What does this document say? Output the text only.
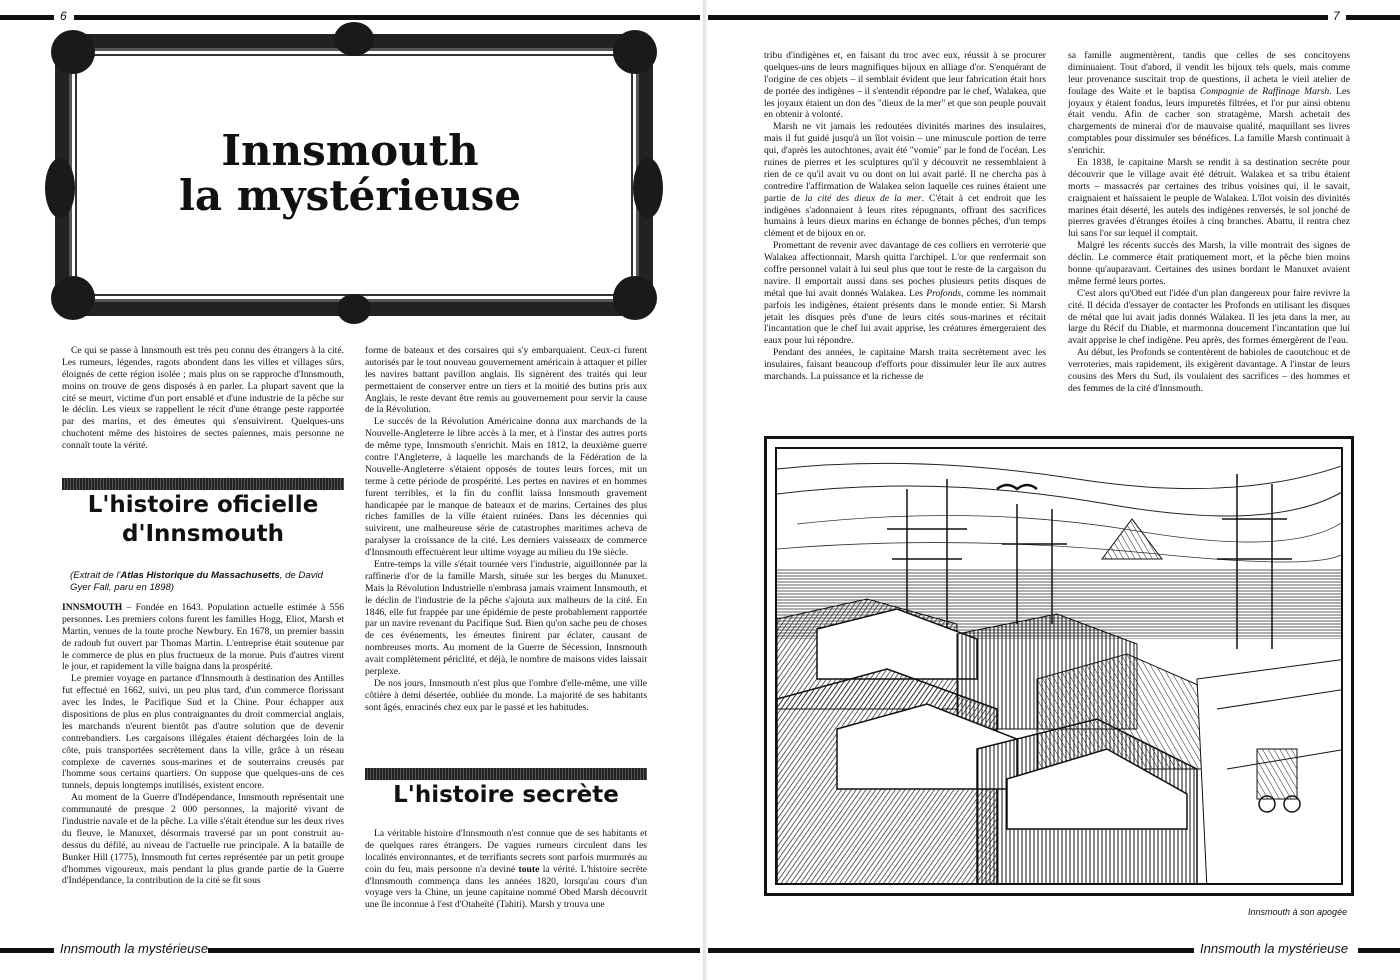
6
Innsmouth
la mystérieuse

Ce qui se passe à Innsmouth est très peu connu des étrangers à la cité. Les rumeurs, légendes, ragots abondent dans les villes et villages sûrs, éloignés de cette région isolée ; mais plus on se rapproche d'Innsmouth, moins on trouve de gens disposés à en parler. La plupart savent que la cité se meurt, victime d'un port ensablé et d'une industrie de la pêche sur le déclin. Les vieux se rappellent le récit d'une étrange peste rapportée par des marins, et des émeutes qui s'ensuivirent. Quelques-uns chuchotent même des histoires de sectes païennes, mais personne ne connaît toute la vérité.

L'histoire oficielle
d'Innsmouth
(Extrait de l'Atlas Historique du Massachusetts, de David Gyer Fall, paru en 1898)

INNSMOUTH – Fondée en 1643. Population actuelle estimée à 556 personnes. Les premiers colons furent les familles Hogg, Eliot, Marsh et Martin, venues de la toute proche Newbury. En 1678, un premier bassin de radoub fut ouvert par Thomas Martin. L'entreprise était soutenue par le commerce de plus en plus fructueux de la morue. Puis d'autres virent le jour, et rapidement la ville baigna dans la prospérité.

Le premier voyage en partance d'Innsmouth à destination des Antilles fut effectué en 1662, suivi, un peu plus tard, d'un commerce florissant avec les Indes, le Pacifique Sud et la Chine. Pour échapper aux dispositions de plus en plus contraignantes du droit commercial anglais, les marchands n'eurent bientôt pas d'autre solution que de devenir contrebandiers. Les cargaisons illégales étaient déchargées loin de la côte, puis transportées secrètement dans la ville, grâce à un réseau complexe de cavernes sous-marines et de souterrains creusés par l'homme sous certains quartiers. On suppose que quelques-uns de ces tunnels, depuis longtemps inutilisés, existent encore.

Au moment de la Guerre d'Indépendance, Innsmouth représentait une communauté de presque 2 000 personnes, la majorité vivant de l'industrie navale et de la pêche. La ville s'était étendue sur les deux rives du fleuve, le Manuxet, désormais traversé par un pont construit au-dessus du défilé, au niveau de l'actuelle rue principale. A la bataille de Bunker Hill (1775), Innsmouth fut certes représentée par un petit groupe d'hommes vigoureux, mais pendant la plus grande partie de la Guerre d'Indépendance, la contribution de la cité se fit sous

forme de bateaux et des corsaires qui s'y embarquaient. Ceux-ci furent autorisés par le tout nouveau gouvernement américain à attaquer et piller les navires battant pavillon anglais. Ils signèrent des traités qui leur permettaient de conserver entre un tiers et la moitié des butins pris aux Anglais, le reste devant être remis au gouvernement pour servir la cause de la Révolution.

Le succès de la Révolution Américaine donna aux marchands de la Nouvelle-Angleterre le libre accès à la mer, et à l'instar des autres ports de même type, Innsmouth s'enrichit. Mais en 1812, la deuxième guerre contre l'Angleterre, à laquelle les marchands de la Fédération de la Nouvelle-Angleterre s'étaient opposés de toutes leurs forces, mit un terme à cette période de prospérité. Les pertes en navires et en hommes furent terribles, et la fin du conflit laissa Innsmouth gravement handicapée par le manque de bateaux et de marins. Certaines des plus riches familles de la ville étaient ruinées. Dans les décennies qui suivirent, une malheureuse série de catastrophes maritimes acheva de paralyser la croissance de la cité. Les derniers vaisseaux de commerce d'Innsmouth effectuèrent leur ultime voyage au milieu du 19e siècle.

Entre-temps la ville s'était tournée vers l'industrie, aiguillonnée par la raffinerie d'or de la famille Marsh, située sur les berges du Manuxet. Mais la Révolution Industrielle n'embrasa jamais vraiment Innsmouth, et le déclin de l'industrie de la pêche s'ajouta aux malheurs de la cité. En 1846, elle fut frappée par une épidémie de peste probablement rapportée par un navire revenant du Pacifique Sud. Bien qu'on sache peu de choses de ces événements, les émeutes finirent par éclater, causant de nombreuses morts. Au moment de la Guerre de Sécession, Innsmouth avait complètement périclité, et déjà, le nombre de maisons vides laissait perplexe.

De nos jours, Innsmouth n'est plus que l'ombre d'elle-même, une ville côtière à demi désertée, oubliée du monde. La majorité de ses habitants sont âgés, enracinés chez eux par le passé et les habitudes.

L'histoire secrète

La véritable histoire d'Innsmouth n'est connue que de ses habitants et de quelques rares étrangers. De vagues rumeurs circulent dans les localités environnantes, et de terrifiants secrets sont parfois murmurés au coin du feu, mais personne n'a deviné toute la vérité. L'histoire secrète d'Innsmouth commença dans les années 1820, lorsqu'au cours d'un voyage vers la Chine, un jeune capitaine nommé Obed Marsh découvrit une île inconnue à l'est d'Otaheïté (Tahiti). Marsh y trouva une

Innsmouth la mystérieuse
7

tribu d'indigènes et, en faisant du troc avec eux, réussit à se procurer quelques-uns de leurs magnifiques bijoux en alliage d'or. S'enquérant de l'origine de ces objets – il semblait évident que leur fabrication était hors de portée des indigènes – il s'entendit répondre par le chef, Walakea, que les joyaux étaient un don des "dieux de la mer" et que son peuple pouvait en obtenir à volonté.

Marsh ne vit jamais les redoutées divinités marines des insulaires, mais il fut guidé jusqu'à un îlot voisin – une minuscule portion de terre qui, d'après les autochtones, avait été "vomie" par le fond de l'océan. Les ruines de pierres et les sculptures qu'il y découvrit ne ressemblaient à rien de ce qu'il avait vu ou dont on lui avait parlé. Il ne chercha pas à contredire l'affirmation de Walakea selon laquelle ces ruines étaient une partie de la cité des dieux de la mer. C'était à cet endroit que les indigènes s'adonnaient à leurs rites répugnants, offrant des sacrifices humains à leurs dieux marins en échange de bonnes pêches, d'un temps clément et de bijoux en or.

Promettant de revenir avec davantage de ces colliers en verroterie que Walakea affectionnait, Marsh quitta l'archipel. L'or que renfermait son coffre personnel valait à lui seul plus que tout le reste de la cargaison du navire. Il emportait aussi dans ses poches plusieurs petits disques de métal que lui avait donnés Walakea. Les Profonds, comme les nommait parfois les indigènes, étaient présents dans le monde entier. Si Marsh jetait les disques près d'une de leurs cités sous-marines et récitait l'incantation que le chef lui avait apprise, les créatures émergeraient des eaux pour lui répondre.

Pendant des années, le capitaine Marsh traita secrètement avec les insulaires, faisant beaucoup d'efforts pour dissimuler leur île aux autres marchands. La puissance et la richesse de

sa famille augmentèrent, tandis que celles de ses concitoyens diminuaient. Tout d'abord, il vendit les bijoux tels quels, mais comme leur provenance suscitait trop de questions, il acheta le vieil atelier de foulage des Waite et le baptisa Compagnie de Raffinage Marsh. Les joyaux y étaient fondus, leurs impuretés filtrées, et l'or pur ainsi obtenu était vendu. Afin de cacher son stratagème, Marsh achetait des chargements de minerai d'or de mauvaise qualité, maquillant ses livres comptables pour dissimuler ses bénéfices. La famille Marsh continuait à s'enrichir.

En 1838, le capitaine Marsh se rendit à sa destination secrète pour découvrir que le village avait été détruit. Walakea et sa tribu étaient morts – massacrés par certaines des tribus voisines qui, il le savait, craignaient et haïssaient le peuple de Walakea. L'îlot voisin des divinités marines était déserté, les autels des indigènes renversés, le sol jonché de pierres gravées d'étranges étoiles à cinq branches. Abattu, il rentra chez lui sans l'or sur lequel il comptait.

Malgré les récents succès des Marsh, la ville montrait des signes de déclin. Le commerce était pratiquement mort, et la pêche bien moins bonne qu'auparavant. Certaines des usines bordant le Manuxet avaient même fermé leurs portes.

C'est alors qu'Obed eut l'idée d'un plan dangereux pour faire revivre la cité. Il décida d'essayer de contacter les Profonds en utilisant les disques de métal que lui avait jadis donnés Walakea. Il les jeta dans la mer, au large du Récif du Diable, et marmonna doucement l'incantation que lui avait apprise le chef indigène. Peu après, des formes émergèrent de l'eau.

Au début, les Profonds se contentèrent de babioles de caoutchouc et de verroteries, mais rapidement, ils exigèrent davantage. A l'instar de leurs cousins des Mers du Sud, ils voulaient des sacrifices – des hommes et des femmes de la cité d'Innsmouth.

Innsmouth à son apogée
Innsmouth la mystérieuse
